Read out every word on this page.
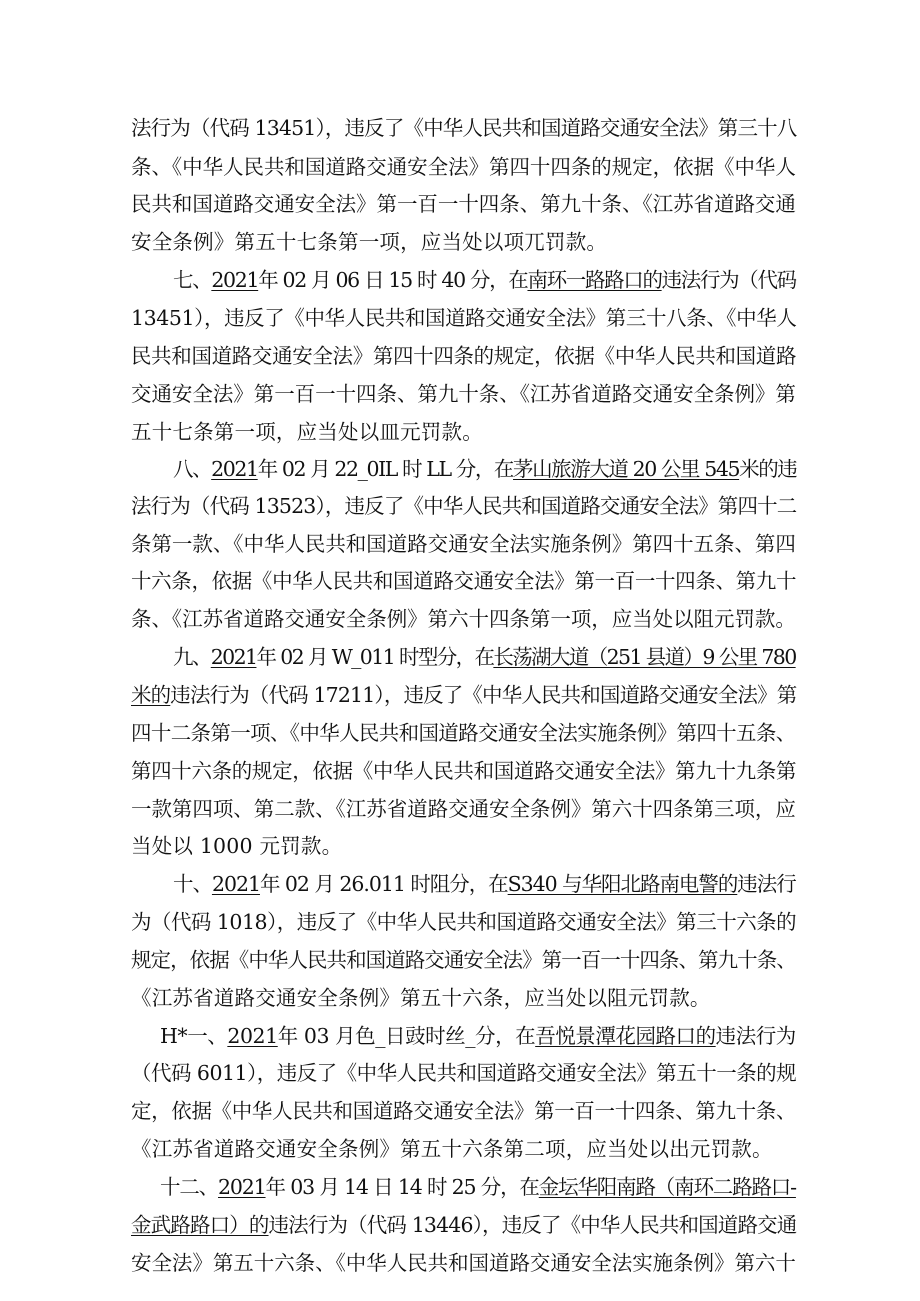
法行为（代码 13451），违反了《中华人民共和国道路交通安全法》第三十八
条、《中华人民共和国道路交通安全法》第四十四条的规定，依据《中华人
民共和国道路交通安全法》第一百一十四条、第九十条、《江苏省道路交通
安全条例》第五十七条第一项，应当处以项兀罚款。
七、2021年 02 月 06 日 15 时 40 分，在南环一路路口的违法行为（代码
13451），违反了《中华人民共和国道路交通安全法》第三十八条、《中华人
民共和国道路交通安全法》第四十四条的规定，依据《中华人民共和国道路
交通安全法》第一百一十四条、第九十条、《江苏省道路交通安全条例》第
五十七条第一项，应当处以皿元罚款。
八、2021年 02 月 22_0IL 时 LL 分，在茅山旅游大道 20 公里 545米的违
法行为（代码 13523），违反了《中华人民共和国道路交通安全法》第四十二
条第一款、《中华人民共和国道路交通安全法实施条例》第四十五条、第四
十六条，依据《中华人民共和国道路交通安全法》第一百一十四条、第九十
条、《江苏省道路交通安全条例》第六十四条第一项，应当处以阻元罚款。
九、2021年 02 月 W_011 时型分，在长荡湖大道（251 县道）9 公里 780
米的违法行为（代码 17211），违反了《中华人民共和国道路交通安全法》第
四十二条第一项、《中华人民共和国道路交通安全法实施条例》第四十五条、
第四十六条的规定，依据《中华人民共和国道路交通安全法》第九十九条第
一款第四项、第二款、《江苏省道路交通安全条例》第六十四条第三项，应
当处以 1000 元罚款。
十、2021年 02 月 26.011 时阻分，在S340 与华阳北路南电警的违法行
为（代码 1018），违反了《中华人民共和国道路交通安全法》第三十六条的
规定，依据《中华人民共和国道路交通安全法》第一百一十四条、第九十条、
《江苏省道路交通安全条例》第五十六条，应当处以阻元罚款。
H*一、2021年 03 月色_日豉时丝_分，在吾悦景潭花园路口的违法行为
（代码 6011），违反了《中华人民共和国道路交通安全法》第五十一条的规
定，依据《中华人民共和国道路交通安全法》第一百一十四条、第九十条、
《江苏省道路交通安全条例》第五十六条第二项，应当处以出元罚款。
十二、2021年 03 月 14 日 14 时 25 分，在金坛华阳南路（南环二路路口-
金武路路口）的违法行为（代码 13446），违反了《中华人民共和国道路交通
安全法》第五十六条、《中华人民共和国道路交通安全法实施条例》第六十
